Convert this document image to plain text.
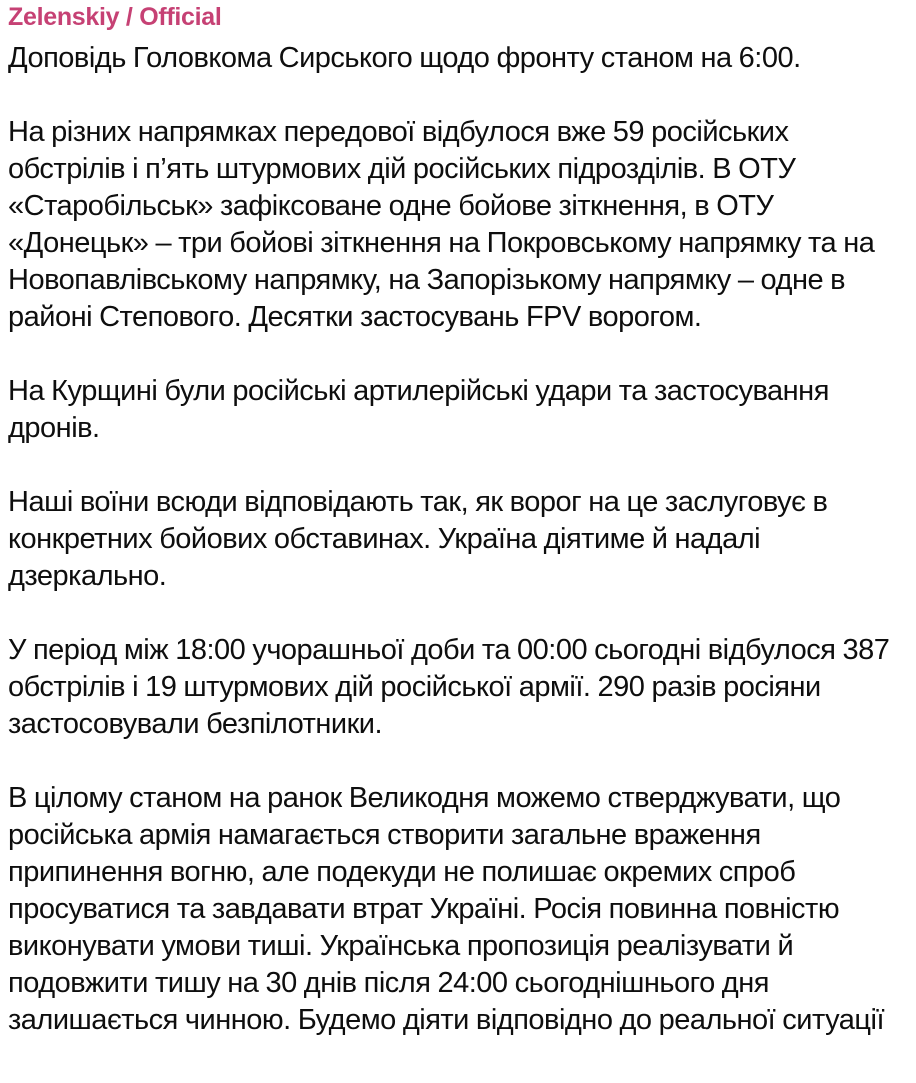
Zelenskiy / Official

Доповідь Головкома Сирського щодо фронту станом на 6:00.

На різних напрямках передової відбулося вже 59 російських обстрілів і п’ять штурмових дій російських підрозділів. В ОТУ «Старобільськ» зафіксоване одне бойове зіткнення, в ОТУ «Донецьк» – три бойові зіткнення на Покровському напрямку та на Новопавлівському напрямку, на Запорізькому напрямку – одне в районі Степового. Десятки застосувань FPV ворогом.

На Курщині були російські артилерійські удари та застосування дронів.

Наші воїни всюди відповідають так, як ворог на це заслуговує в конкретних бойових обставинах. Україна діятиме й надалі дзеркально.

У період між 18:00 учорашньої доби та 00:00 сьогодні відбулося 387 обстрілів і 19 штурмових дій російської армії. 290 разів росіяни застосовували безпілотники.

В цілому станом на ранок Великодня можемо стверджувати, що російська армія намагається створити загальне враження припинення вогню, але подекуди не полишає окремих спроб просуватися та завдавати втрат Україні. Росія повинна повністю виконувати умови тиші. Українська пропозиція реалізувати й подовжити тишу на 30 днів після 24:00 сьогоднішнього дня залишається чинною. Будемо діяти відповідно до реальної ситуації
